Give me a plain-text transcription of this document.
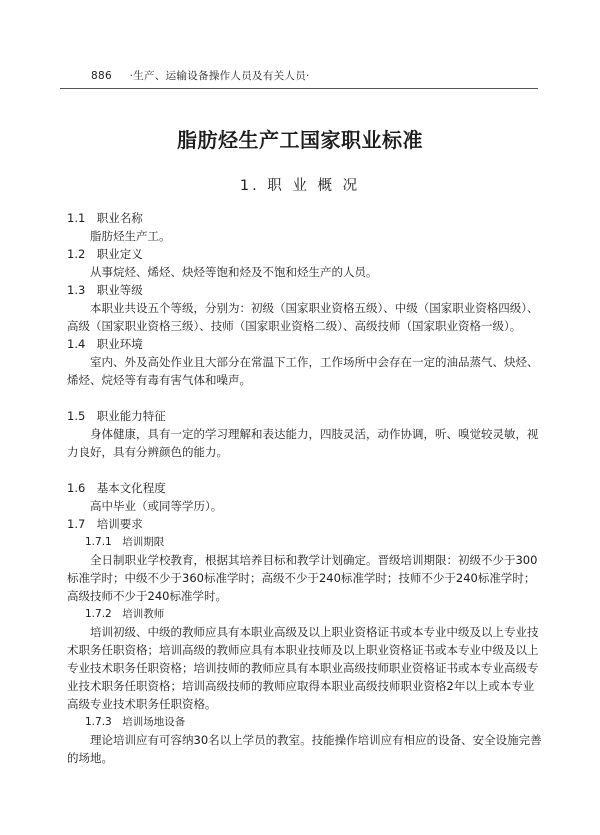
886 ·生产、运输设备操作人员及有关人员·
脂肪烃生产工国家职业标准
1. 职 业 概 况
1.1　职业名称
脂肪烃生产工。
1.2　职业定义
从事烷烃、烯烃、炔烃等饱和烃及不饱和烃生产的人员。
1.3　职业等级
本职业共设五个等级，分别为：初级（国家职业资格五级）、中级（国家职业资格四级）、高级（国家职业资格三级）、技师（国家职业资格二级）、高级技师（国家职业资格一级）。
1.4　职业环境
室内、外及高处作业且大部分在常温下工作，工作场所中会存在一定的油品蒸气、炔烃、烯烃、烷烃等有毒有害气体和噪声。
1.5　职业能力特征
身体健康，具有一定的学习理解和表达能力，四肢灵活，动作协调，听、嗅觉较灵敏，视力良好，具有分辨颜色的能力。
1.6　基本文化程度
高中毕业（或同等学历）。
1.7　培训要求
1.7.1　培训期限
全日制职业学校教育，根据其培养目标和教学计划确定。晋级培训期限：初级不少于300标准学时；中级不少于360标准学时；高级不少于240标准学时；技师不少于240标准学时；高级技师不少于240标准学时。
1.7.2　培训教师
培训初级、中级的教师应具有本职业高级及以上职业资格证书或本专业中级及以上专业技术职务任职资格；培训高级的教师应具有本职业技师及以上职业资格证书或本专业中级及以上专业技术职务任职资格；培训技师的教师应具有本职业高级技师职业资格证书或本专业高级专业技术职务任职资格；培训高级技师的教师应取得本职业高级技师职业资格2年以上或本专业高级专业技术职务任职资格。
1.7.3　培训场地设备
理论培训应有可容纳30名以上学员的教室。技能操作培训应有相应的设备、安全设施完善的场地。
